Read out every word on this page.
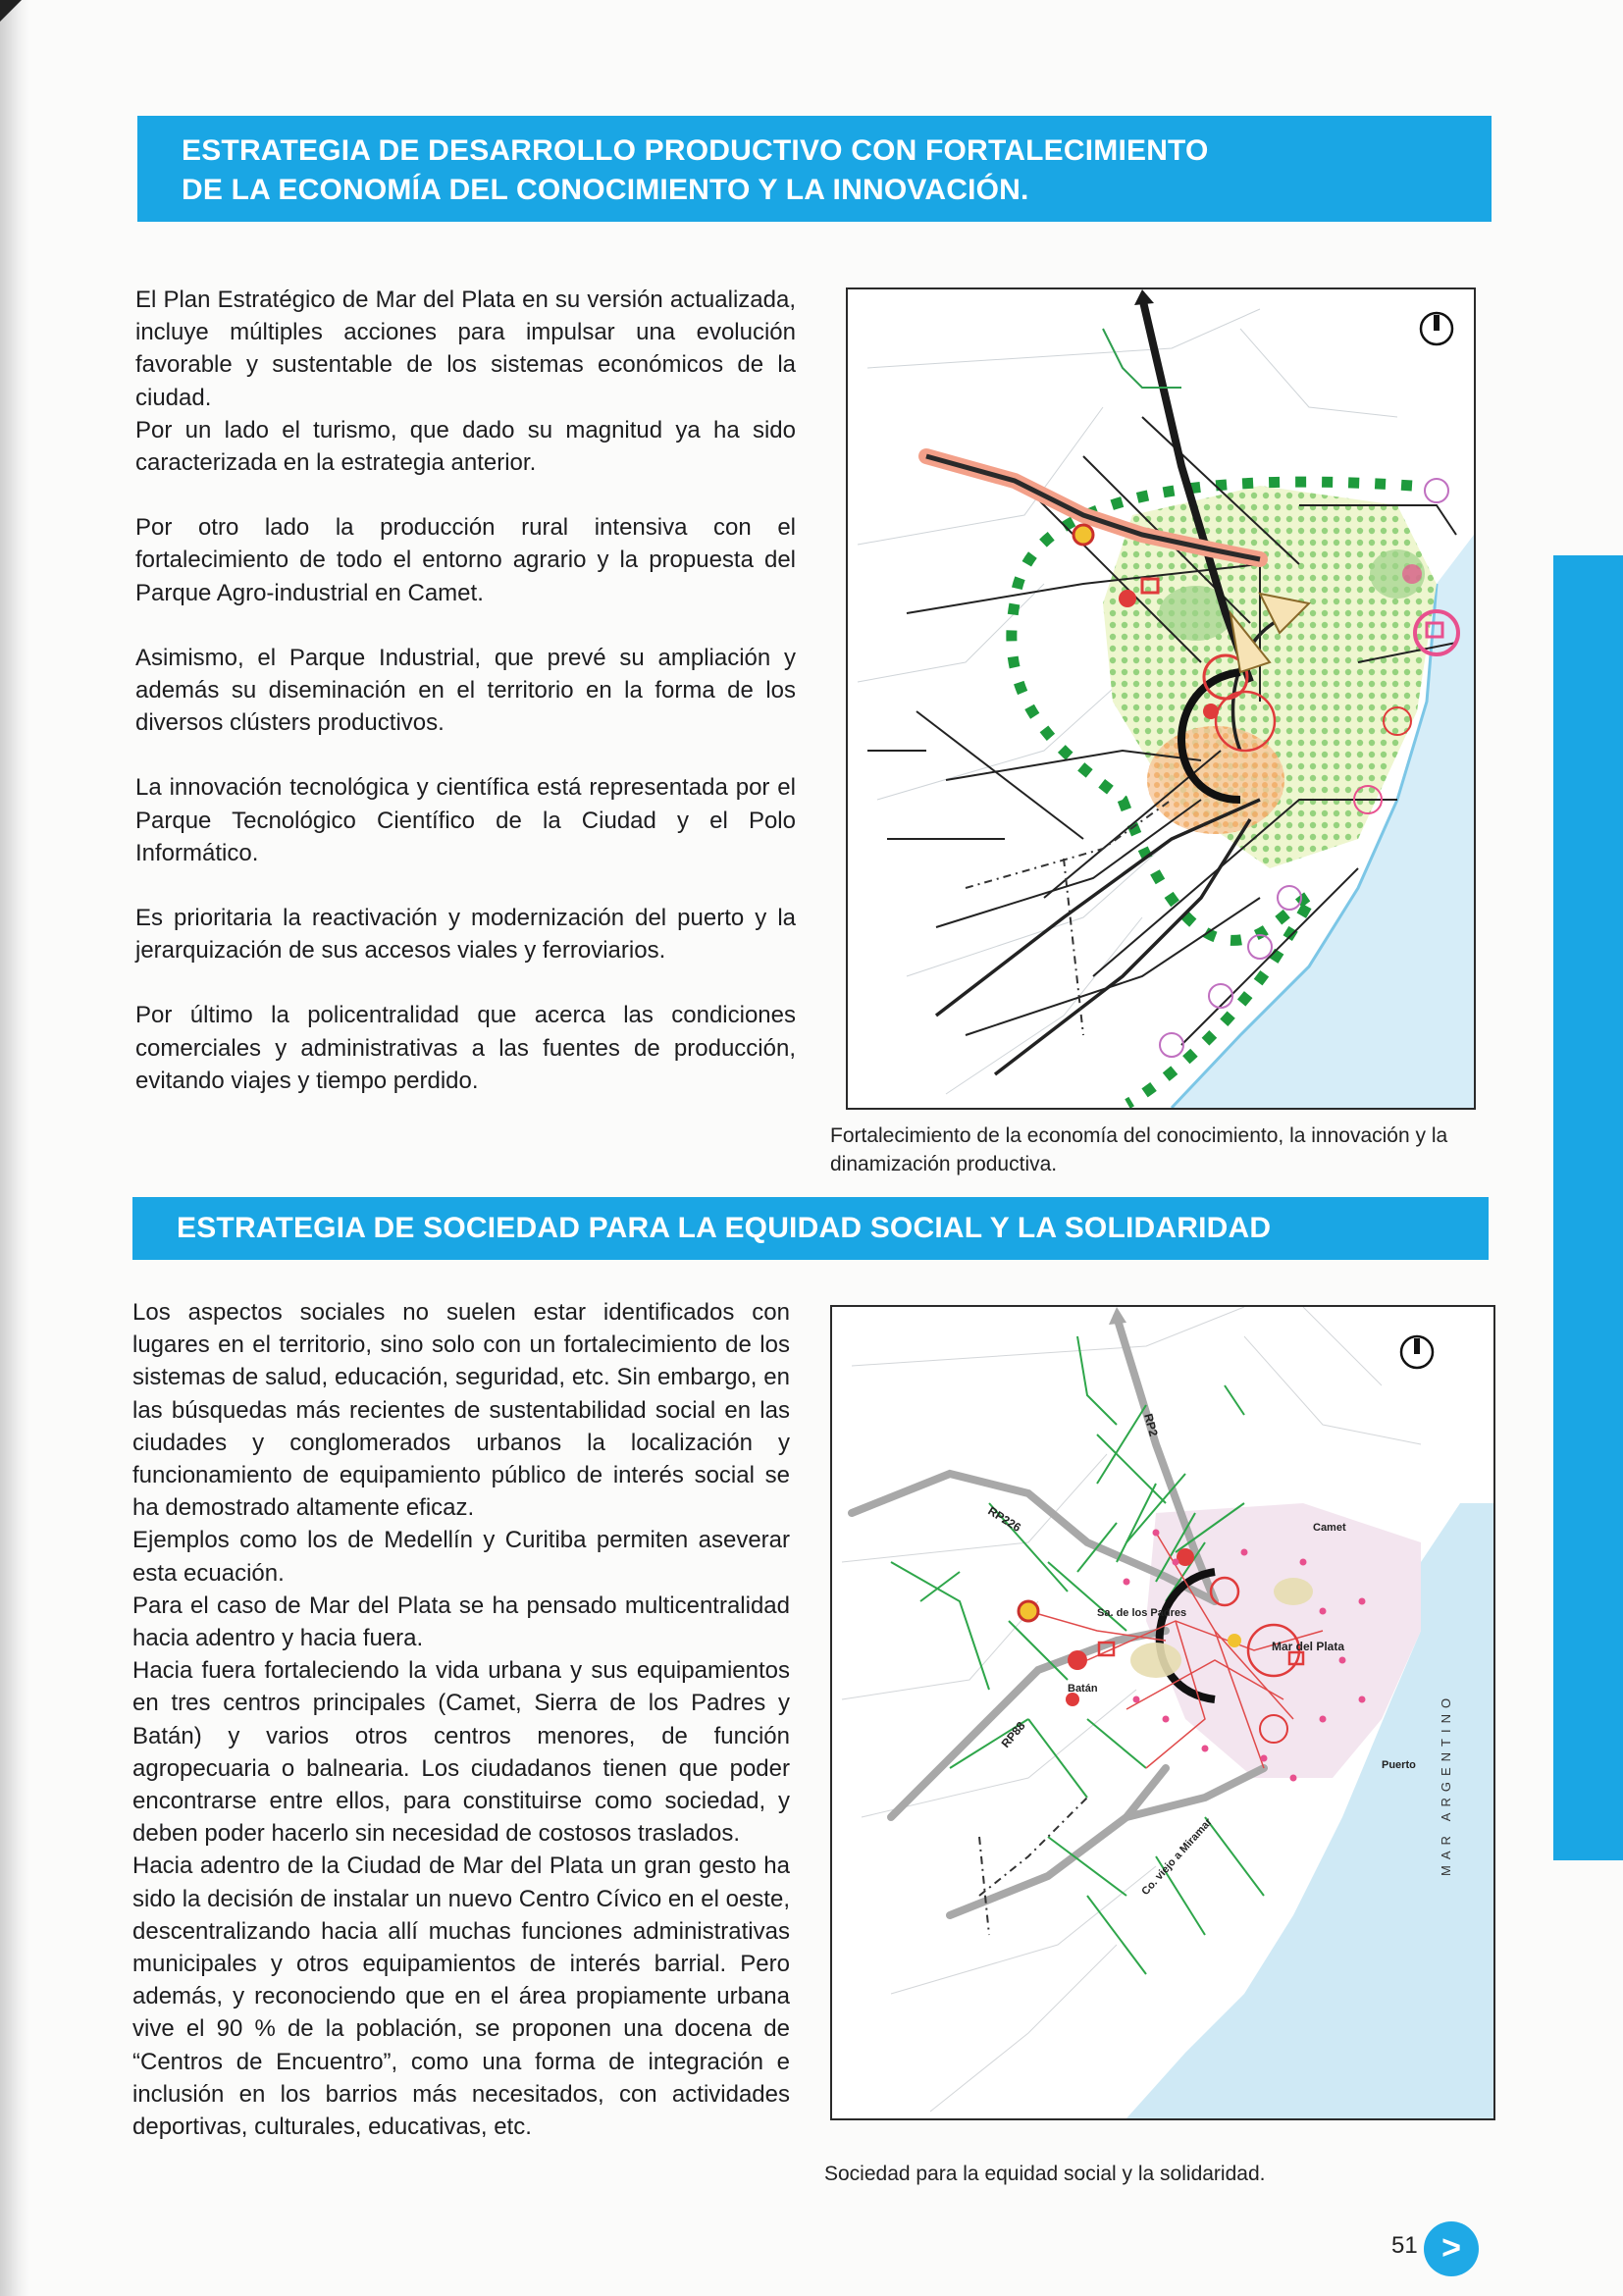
ESTRATEGIA DE DESARROLLO PRODUCTIVO CON FORTALECIMIENTO
DE LA ECONOMÍA DEL CONOCIMIENTO Y LA INNOVACIÓN.

El Plan Estratégico de Mar del Plata en su versión actualizada, incluye múltiples acciones para impulsar una evolución favorable y sustentable de los sistemas económicos de la ciudad.

Por un lado el turismo, que dado su magnitud ya ha sido caracterizada en la estrategia anterior.

Por otro lado la producción rural intensiva con el fortalecimiento de todo el entorno agrario y la propuesta del Parque Agro-industrial en Camet.

Asimismo, el Parque Industrial, que prevé su ampliación y además su diseminación en el territorio en la forma de los diversos clústers productivos.

La innovación tecnológica y científica está representada por el Parque Tecnológico Científico de la Ciudad y el Polo Informático.

Es prioritaria la reactivación y modernización del puerto y la jerarquización de sus accesos viales y ferroviarios.

Por último la policentralidad que acerca las condiciones comerciales y administrativas a las fuentes de producción, evitando viajes y tiempo perdido.

Fortalecimiento de la economía del conocimiento, la innovación y la dinamización productiva.
ESTRATEGIA DE SOCIEDAD PARA LA EQUIDAD SOCIAL Y LA SOLIDARIDAD

Los aspectos sociales no suelen estar identificados con lugares en el territorio, sino solo con un fortalecimiento de los sistemas de salud, educación, seguridad, etc. Sin embargo, en las búsquedas más recientes de sustentabilidad social en las ciudades y conglomerados urbanos la localización y funcionamiento de equipamiento público de interés social se ha demostrado altamente eficaz.

Ejemplos como los de Medellín y Curitiba permiten aseverar esta ecuación.

Para el caso de Mar del Plata se ha pensado multicentralidad hacia adentro y hacia fuera.

Hacia fuera fortaleciendo la vida urbana y sus equipamientos en tres centros principales (Camet, Sierra de los Padres y Batán) y varios otros centros menores, de función agropecuaria o balnearia. Los ciudadanos tienen que poder encontrarse entre ellos, para constituirse como sociedad, y deben poder hacerlo sin necesidad de costosos traslados.

Hacia adentro de la Ciudad de Mar del Plata un gran gesto ha sido la decisión de instalar un nuevo Centro Cívico en el oeste, descentralizando hacia allí muchas funciones administrativas municipales y otros equipamientos de interés barrial. Pero además, y reconociendo que en el área propiamente urbana vive el 90 % de la población, se proponen una docena de “Centros de Encuentro”, como una forma de integración e inclusión en los barrios más necesitados, con actividades deportivas, culturales, educativas, etc.

RP2
RP226
RP88
Camet
Sa. de los Padres
Batán
Mar del Plata
Puerto
Co. viejo a Miramar	MAR ARGENTINO
Sociedad para la equidad social y la solidaridad.
51 >
